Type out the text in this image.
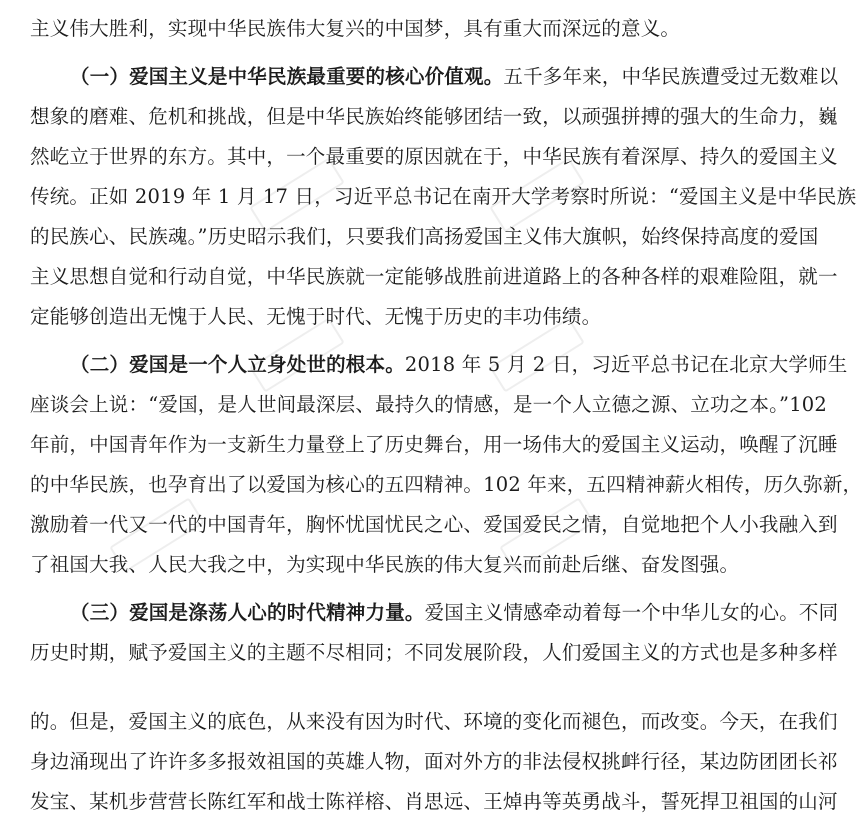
主义伟大胜利，实现中华民族伟大复兴的中国梦，具有重大而深远的意义。
（一）爱国主义是中华民族最重要的核心价值观。五千多年来，中华民族遭受过无数难以
想象的磨难、危机和挑战，但是中华民族始终能够团结一致，以顽强拼搏的强大的生命力，巍
然屹立于世界的东方。其中，一个最重要的原因就在于，中华民族有着深厚、持久的爱国主义
传统。正如 2019 年 1 月 17 日，习近平总书记在南开大学考察时所说：“爱国主义是中华民族
的民族心、民族魂。”历史昭示我们，只要我们高扬爱国主义伟大旗帜，始终保持高度的爱国
主义思想自觉和行动自觉，中华民族就一定能够战胜前进道路上的各种各样的艰难险阻，就一
定能够创造出无愧于人民、无愧于时代、无愧于历史的丰功伟绩。
（二）爱国是一个人立身处世的根本。2018 年 5 月 2 日，习近平总书记在北京大学师生
座谈会上说：“爱国，是人世间最深层、最持久的情感，是一个人立德之源、立功之本。”102
年前，中国青年作为一支新生力量登上了历史舞台，用一场伟大的爱国主义运动，唤醒了沉睡
的中华民族，也孕育出了以爱国为核心的五四精神。102 年来，五四精神薪火相传，历久弥新，
激励着一代又一代的中国青年，胸怀忧国忧民之心、爱国爱民之情，自觉地把个人小我融入到
了祖国大我、人民大我之中，为实现中华民族的伟大复兴而前赴后继、奋发图强。
（三）爱国是涤荡人心的时代精神力量。爱国主义情感牵动着每一个中华儿女的心。不同
历史时期，赋予爱国主义的主题不尽相同；不同发展阶段，人们爱国主义的方式也是多种多样
的。但是，爱国主义的底色，从来没有因为时代、环境的变化而褪色，而改变。今天，在我们
身边涌现出了许许多多报效祖国的英雄人物，面对外方的非法侵权挑衅行径，某边防团团长祁
发宝、某机步营营长陈红军和战士陈祥榕、肖思远、王焯冉等英勇战斗，誓死捍卫祖国的山河
